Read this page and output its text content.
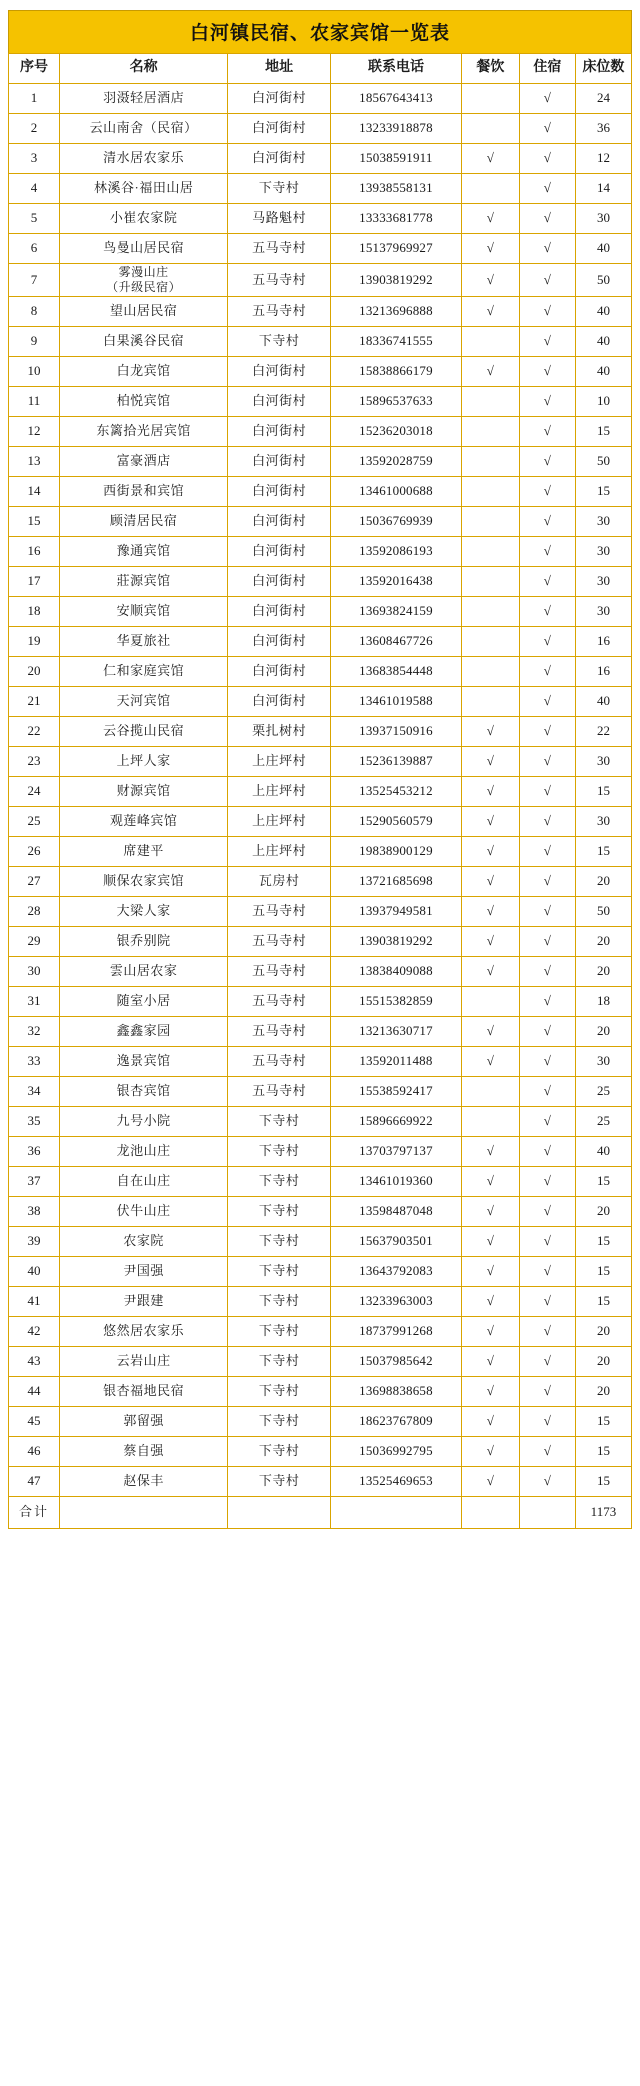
白河镇民宿、农家宾馆一览表
序号	名称	地址	联系电话	餐饮	住宿	床位数
1	羽滠轻居酒店	白河街村	18567643413		√	24
2	云山南舍（民宿）	白河街村	13233918878		√	36
3	清水居农家乐	白河街村	15038591911	√	√	12
4	林溪谷·福田山居	下寺村	13938558131		√	14
5	小崔农家院	马路魁村	13333681778	√	√	30
6	鸟曼山居民宿	五马寺村	15137969927	√	√	40
7	雾漫山庄
（升级民宿）	五马寺村	13903819292	√	√	50
8	望山居民宿	五马寺村	13213696888	√	√	40
9	白果溪谷民宿	下寺村	18336741555		√	40
10	白龙宾馆	白河街村	15838866179	√	√	40
11	柏悦宾馆	白河街村	15896537633		√	10
12	东篱拾光居宾馆	白河街村	15236203018		√	15
13	富豪酒店	白河街村	13592028759		√	50
14	西街景和宾馆	白河街村	13461000688		√	15
15	顾清居民宿	白河街村	15036769939		√	30
16	豫通宾馆	白河街村	13592086193		√	30
17	莊源宾馆	白河街村	13592016438		√	30
18	安顺宾馆	白河街村	13693824159		√	30
19	华夏旅社	白河街村	13608467726		√	16
20	仁和家庭宾馆	白河街村	13683854448		√	16
21	天河宾馆	白河街村	13461019588		√	40
22	云谷揽山民宿	栗扎树村	13937150916	√	√	22
23	上坪人家	上庄坪村	15236139887	√	√	30
24	财源宾馆	上庄坪村	13525453212	√	√	15
25	观莲峰宾馆	上庄坪村	15290560579	√	√	30
26	席建平	上庄坪村	19838900129	√	√	15
27	顺保农家宾馆	瓦房村	13721685698	√	√	20
28	大梁人家	五马寺村	13937949581	√	√	50
29	银乔别院	五马寺村	13903819292	√	√	20
30	雲山居农家	五马寺村	13838409088	√	√	20
31	随室小居	五马寺村	15515382859		√	18
32	鑫鑫家园	五马寺村	13213630717	√	√	20
33	逸景宾馆	五马寺村	13592011488	√	√	30
34	银杏宾馆	五马寺村	15538592417		√	25
35	九号小院	下寺村	15896669922		√	25
36	龙池山庄	下寺村	13703797137	√	√	40
37	自在山庄	下寺村	13461019360	√	√	15
38	伏牛山庄	下寺村	13598487048	√	√	20
39	农家院	下寺村	15637903501	√	√	15
40	尹国强	下寺村	13643792083	√	√	15
41	尹跟建	下寺村	13233963003	√	√	15
42	悠然居农家乐	下寺村	18737991268	√	√	20
43	云岩山庄	下寺村	15037985642	√	√	20
44	银杏福地民宿	下寺村	13698838658	√	√	20
45	郭留强	下寺村	18623767809	√	√	15
46	蔡自强	下寺村	15036992795	√	√	15
47	赵保丰	下寺村	13525469653	√	√	15
合计						1173
